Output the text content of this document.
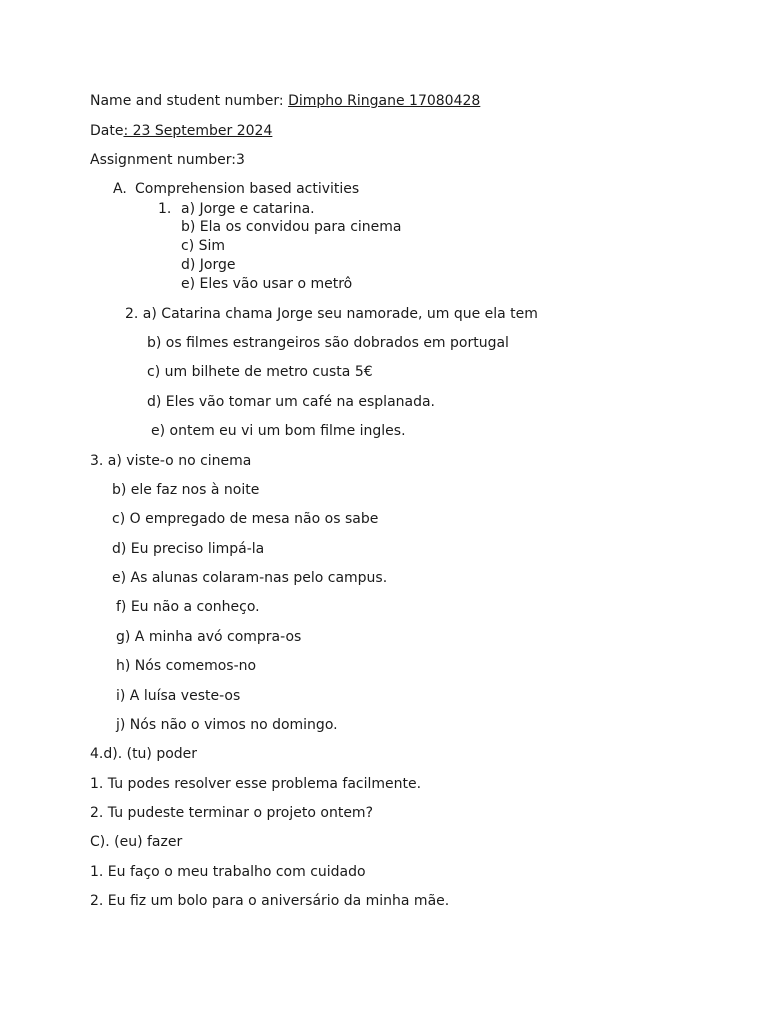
Name and student number: Dimpho Ringane 17080428
Date: 23 September 2024
Assignment number:3
A. Comprehension based activities
1. a) Jorge e catarina.
b) Ela os convidou para cinema
c) Sim
d) Jorge
e) Eles vão usar o metrô
2. a) Catarina chama Jorge seu namorade, um que ela tem
b) os filmes estrangeiros são dobrados em portugal
c) um bilhete de metro custa 5€
d) Eles vão tomar um café na esplanada.
e) ontem eu vi um bom filme ingles.
3. a) viste-o no cinema
b) ele faz nos à noite
c) O empregado de mesa não os sabe
d) Eu preciso limpá-la
e) As alunas colaram-nas pelo campus.
f) Eu não a conheço.
g) A minha avó compra-os
h) Nós comemos-no
i) A luísa veste-os
j) Nós não o vimos no domingo.
4.d). (tu) poder
1. Tu podes resolver esse problema facilmente.
2. Tu pudeste terminar o projeto ontem?
C). (eu) fazer
1. Eu faço o meu trabalho com cuidado
2. Eu fiz um bolo para o aniversário da minha mãe.
